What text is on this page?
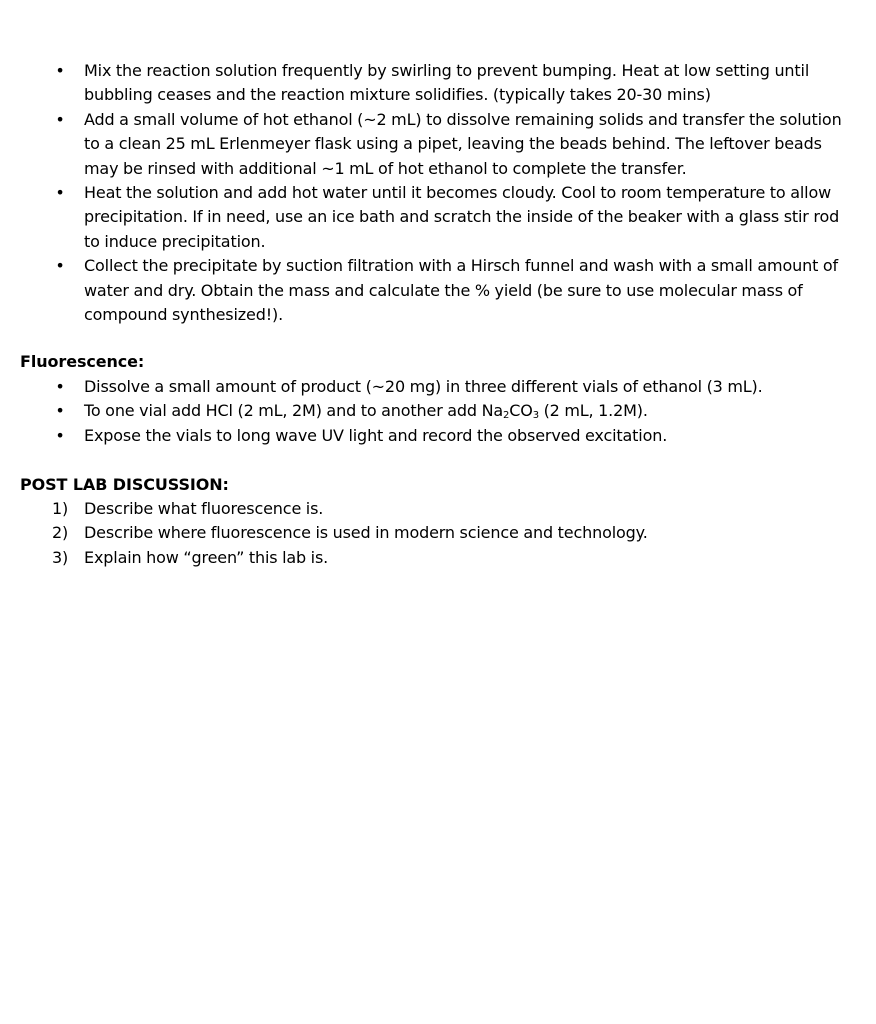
• Mix the reaction solution frequently by swirling to prevent bumping. Heat at low setting until bubbling ceases and the reaction mixture solidifies. (typically takes 20-30 mins)
• Add a small volume of hot ethanol (~2 mL) to dissolve remaining solids and transfer the solution to a clean 25 mL Erlenmeyer flask using a pipet, leaving the beads behind. The leftover beads may be rinsed with additional ~1 mL of hot ethanol to complete the transfer.
• Heat the solution and add hot water until it becomes cloudy. Cool to room temperature to allow precipitation. If in need, use an ice bath and scratch the inside of the beaker with a glass stir rod to induce precipitation.
• Collect the precipitate by suction filtration with a Hirsch funnel and wash with a small amount of water and dry. Obtain the mass and calculate the % yield (be sure to use molecular mass of compound synthesized!).
Fluorescence:
• Dissolve a small amount of product (~20 mg) in three different vials of ethanol (3 mL).
• To one vial add HCl (2 mL, 2M) and to another add $Na_2CO_3$ (2 mL, 1.2M).
• Expose the vials to long wave UV light and record the observed excitation.
POST LAB DISCUSSION:
1) Describe what fluorescence is.
2) Describe where fluorescence is used in modern science and technology.
3) Explain how “green” this lab is.
